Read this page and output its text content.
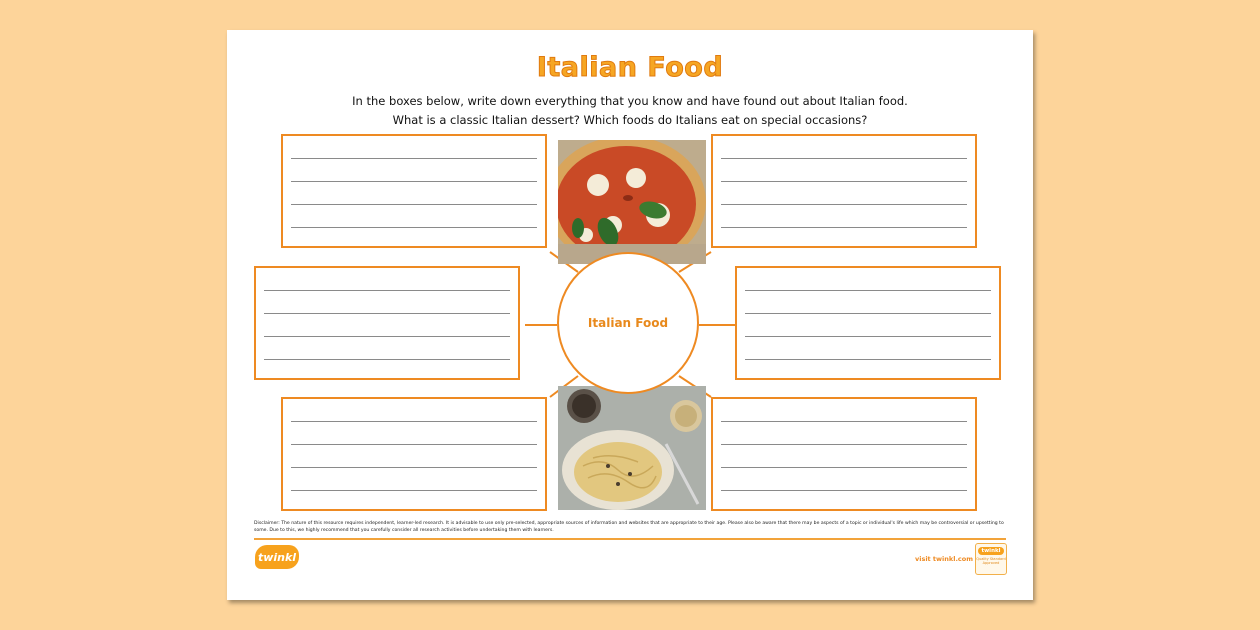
Italian Food
In the boxes below, write down everything that you know and have found out about Italian food.
What is a classic Italian dessert? Which foods do Italians eat on special occasions?
Italian Food
Disclaimer: The nature of this resource requires independent, learner-led research. It is advisable to use only pre-selected, appropriate sources of information and websites that are appropriate to their age. Please also be aware that there may be aspects of a topic or individual's life which may be controversial or upsetting to some. Due to this, we highly recommend that you carefully consider all research activities before undertaking them with learners.
twinkl	visit twinkl.com
twinkl
Quality Standard Approved
